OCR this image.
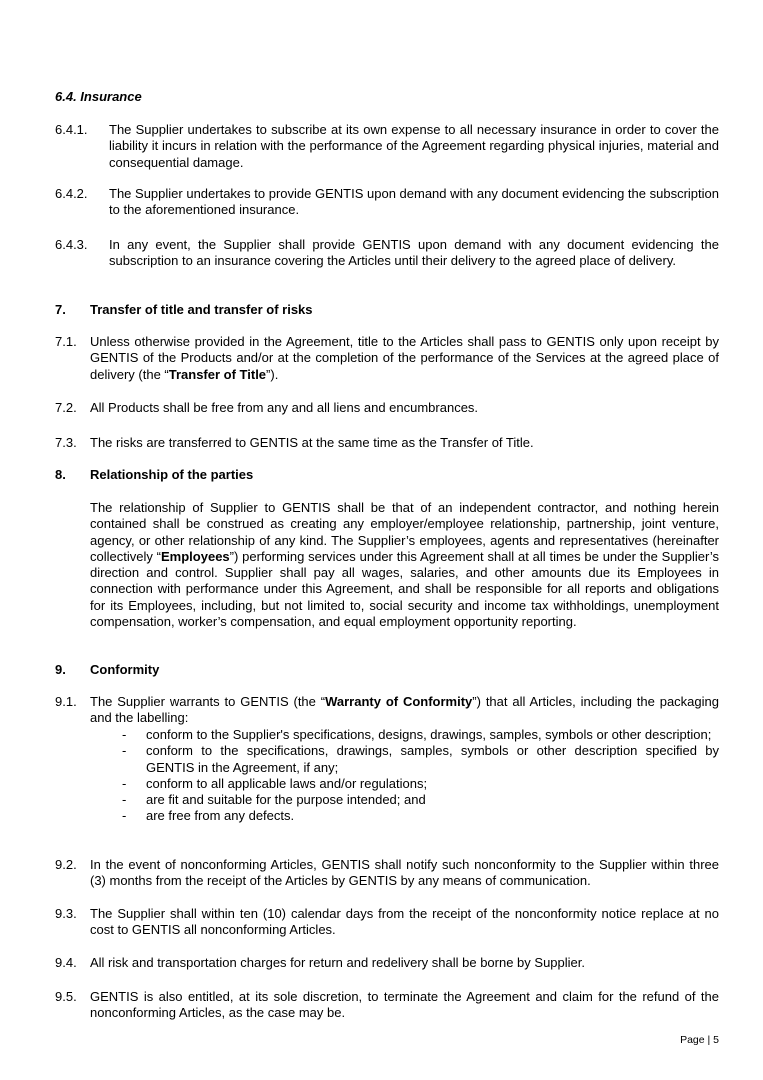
6.4. Insurance
6.4.1. The Supplier undertakes to subscribe at its own expense to all necessary insurance in order to cover the liability it incurs in relation with the performance of the Agreement regarding physical injuries, material and consequential damage.
6.4.2. The Supplier undertakes to provide GENTIS upon demand with any document evidencing the subscription to the aforementioned insurance.
6.4.3. In any event, the Supplier shall provide GENTIS upon demand with any document evidencing the subscription to an insurance covering the Articles until their delivery to the agreed place of delivery.
7. Transfer of title and transfer of risks
7.1. Unless otherwise provided in the Agreement, title to the Articles shall pass to GENTIS only upon receipt by GENTIS of the Products and/or at the completion of the performance of the Services at the agreed place of delivery (the “Transfer of Title”).
7.2. All Products shall be free from any and all liens and encumbrances.
7.3. The risks are transferred to GENTIS at the same time as the Transfer of Title.
8. Relationship of the parties
The relationship of Supplier to GENTIS shall be that of an independent contractor, and nothing herein contained shall be construed as creating any employer/employee relationship, partnership, joint venture, agency, or other relationship of any kind. The Supplier’s employees, agents and representatives (hereinafter collectively “Employees”) performing services under this Agreement shall at all times be under the Supplier’s direction and control. Supplier shall pay all wages, salaries, and other amounts due its Employees in connection with performance under this Agreement, and shall be responsible for all reports and obligations for its Employees, including, but not limited to, social security and income tax withholdings, unemployment compensation, worker’s compensation, and equal employment opportunity reporting.
9. Conformity
9.1. The Supplier warrants to GENTIS (the “Warranty of Conformity”) that all Articles, including the packaging and the labelling:
-	conform to the Supplier's specifications, designs, drawings, samples, symbols or other description;
-	conform to the specifications, drawings, samples, symbols or other description specified by GENTIS in the Agreement, if any;
-	conform to all applicable laws and/or regulations;
-	are fit and suitable for the purpose intended; and
-	are free from any defects.
9.2. In the event of nonconforming Articles, GENTIS shall notify such nonconformity to the Supplier within three (3) months from the receipt of the Articles by GENTIS by any means of communication.
9.3. The Supplier shall within ten (10) calendar days from the receipt of the nonconformity notice replace at no cost to GENTIS all nonconforming Articles.
9.4. All risk and transportation charges for return and redelivery shall be borne by Supplier.
9.5. GENTIS is also entitled, at its sole discretion, to terminate the Agreement and claim for the refund of the nonconforming Articles, as the case may be.
Page | 5
